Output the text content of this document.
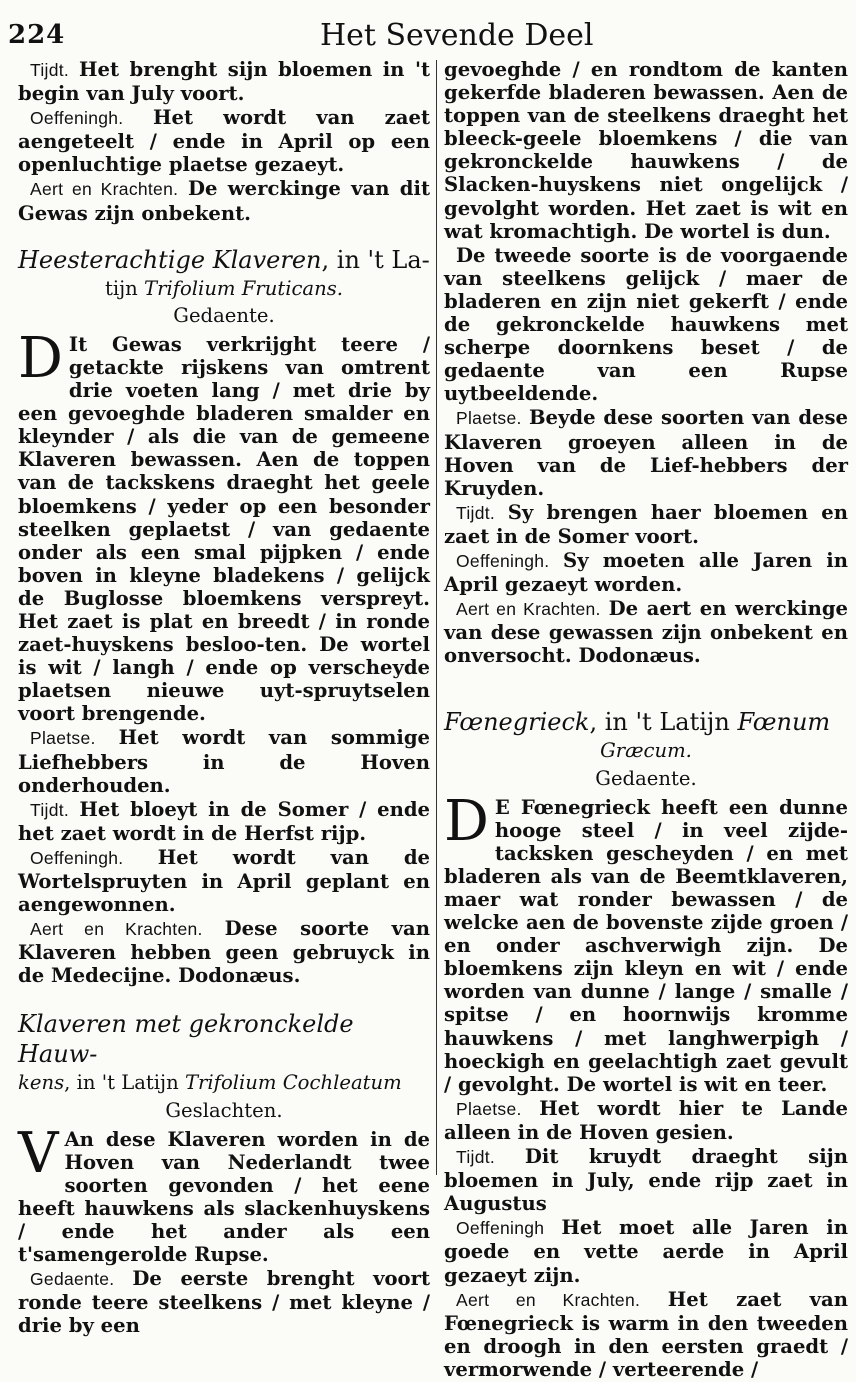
224	Het Sevende Deel

Tijdt. Het brenght sijn bloemen in 't begin van July voort.

Oeffeningh. Het wordt van zaet aengeteelt / ende in April op een openluchtige plaetse gezaeyt.

Aert en Krachten. De werckinge van dit Gewas zijn onbekent.

Heesterachtige Klaveren, in 't La-
tijn Trifolium Fruticans.
Gedaente.

D It Gewas verkrijght teere / getackte rijskens van omtrent drie voeten lang / met drie by een gevoeghde bladeren smalder en kleynder / als die van de gemeene Klaveren bewassen. Aen de toppen van de tackskens draeght het geele bloemkens / yeder op een besonder steelken geplaetst / van gedaente onder als een smal pijpken / ende boven in kleyne bladekens / gelijck de Buglosse bloemkens verspreyt. Het zaet is plat en breedt / in ronde zaet-huyskens besloo-ten. De wortel is wit / langh / ende op verscheyde plaetsen nieuwe uyt-spruytselen voort brengende.

Plaetse. Het wordt van sommige Liefhebbers in de Hoven onderhouden.

Tijdt. Het bloeyt in de Somer / ende het zaet wordt in de Herfst rijp.

Oeffeningh. Het wordt van de Wortelspruyten in April geplant en aengewonnen.

Aert en Krachten. Dese soorte van Klaveren hebben geen gebruyck in de Medecijne. Dodonæus.

Klaveren met gekronckelde Hauw-
kens, in 't Latijn Trifolium Cochleatum
Geslachten.

V An dese Klaveren worden in de Hoven van Nederlandt twee soorten gevonden / het eene heeft hauwkens als slackenhuyskens / ende het ander als een t'samengerolde Rupse.

Gedaente. De eerste brenght voort ronde teere steelkens / met kleyne / drie by een

gevoeghde / en rondtom de kanten gekerfde bladeren bewassen. Aen de toppen van de steelkens draeght het bleeck-geele bloemkens / die van gekronckelde hauwkens / de Slacken-huyskens niet ongelijck / gevolght worden. Het zaet is wit en wat kromachtigh. De wortel is dun.

De tweede soorte is de voorgaende van steelkens gelijck / maer de bladeren en zijn niet gekerft / ende de gekronckelde hauwkens met scherpe doornkens beset / de gedaente van een Rupse uytbeeldende.

Plaetse. Beyde dese soorten van dese Klaveren groeyen alleen in de Hoven van de Lief-hebbers der Kruyden.

Tijdt. Sy brengen haer bloemen en zaet in de Somer voort.

Oeffeningh. Sy moeten alle Jaren in April gezaeyt worden.

Aert en Krachten. De aert en werckinge van dese gewassen zijn onbekent en onversocht. Dodonæus.

Fœnegrieck, in 't Latijn Fœnum
Græcum.
Gedaente.

D E Fœnegrieck heeft een dunne hooge steel / in veel zijde-tacksken gescheyden / en met bladeren als van de Beemtklaveren, maer wat ronder bewassen / de welcke aen de bovenste zijde groen / en onder aschverwigh zijn. De bloemkens zijn kleyn en wit / ende worden van dunne / lange / smalle / spitse / en hoornwijs kromme hauwkens / met langhwerpigh / hoeckigh en geelachtigh zaet gevult / gevolght. De wortel is wit en teer.

Plaetse. Het wordt hier te Lande alleen in de Hoven gesien.

Tijdt. Dit kruydt draeght sijn bloemen in July, ende rijp zaet in Augustus

Oeffeningh Het moet alle Jaren in goede en vette aerde in April gezaeyt zijn.

Aert en Krachten. Het zaet van Fœnegrieck is warm in den tweeden en droogh in den eersten graedt / vermorwende / verteerende /
